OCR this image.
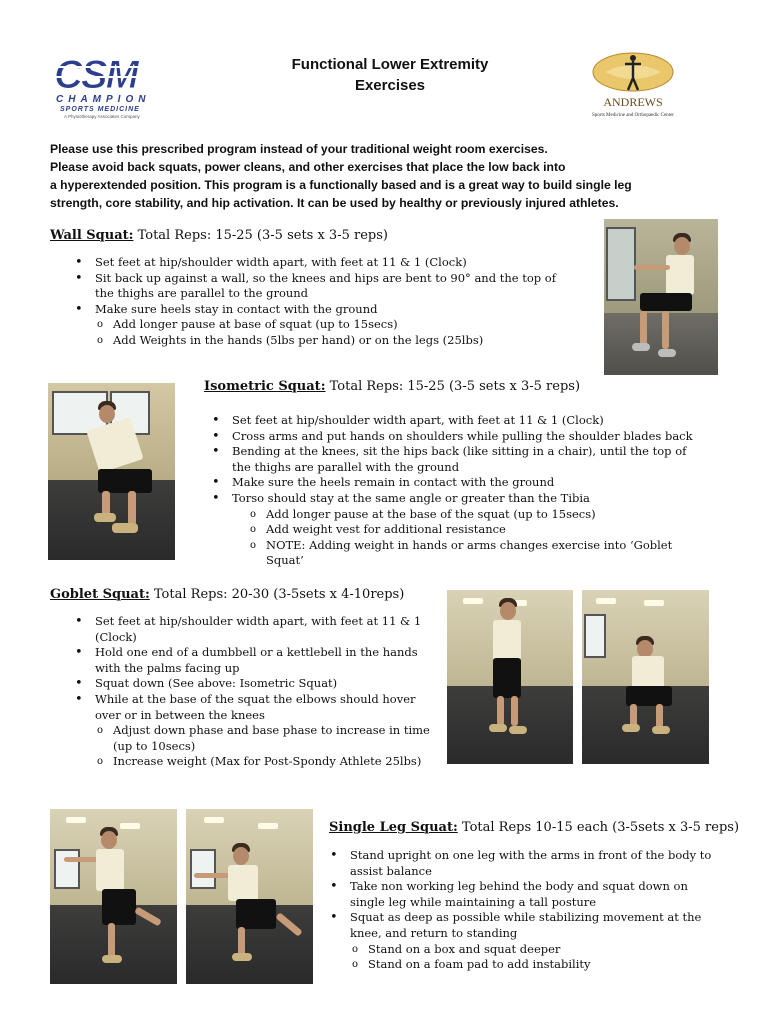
CSM
CHAMPION
SPORTS MEDICINE
A Physiotherapy Associates Company
ANDREWS
Sports Medicine and Orthopaedic Center
Functional Lower Extremity
Exercises
Please use this prescribed program instead of your traditional weight room exercises.
Please avoid back squats, power cleans, and other exercises that place the low back into
a hyperextended position. This program is a functionally based and is a great way to build single leg
strength, core stability, and hip activation. It can be used by healthy or previously injured athletes.
Wall Squat: Total Reps: 15-25 (3-5 sets x 3-5 reps)
• Set feet at hip/shoulder width apart, with feet at 11 & 1 (Clock)
• Sit back up against a wall, so the knees and hips are bent to 90° and the top of the thighs are parallel to the ground
• Make sure heels stay in contact with the ground
o Add longer pause at base of squat (up to 15secs)
o Add Weights in the hands (5lbs per hand) or on the legs (25lbs)
Isometric Squat: Total Reps: 15-25 (3-5 sets x 3-5 reps)
• Set feet at hip/shoulder width apart, with feet at 11 & 1 (Clock)
• Cross arms and put hands on shoulders while pulling the shoulder blades back
• Bending at the knees, sit the hips back (like sitting in a chair), until the top of the thighs are parallel with the ground
• Make sure the heels remain in contact with the ground
• Torso should stay at the same angle or greater than the Tibia
o Add longer pause at the base of the squat (up to 15secs)
o Add weight vest for additional resistance
o NOTE: Adding weight in hands or arms changes exercise into ‘Goblet Squat’
Goblet Squat: Total Reps: 20-30 (3-5sets x 4-10reps)
• Set feet at hip/shoulder width apart, with feet at 11 & 1 (Clock)
• Hold one end of a dumbbell or a kettlebell in the hands with the palms facing up
• Squat down (See above: Isometric Squat)
• While at the base of the squat the elbows should hover over or in between the knees
o Adjust down phase and base phase to increase in time (up to 10secs)
o Increase weight (Max for Post-Spondy Athlete 25lbs)
Single Leg Squat: Total Reps 10-15 each (3-5sets x 3-5 reps)
• Stand upright on one leg with the arms in front of the body to assist balance
• Take non working leg behind the body and squat down on single leg while maintaining a tall posture
• Squat as deep as possible while stabilizing movement at the knee, and return to standing
o Stand on a box and squat deeper
o Stand on a foam pad to add instability
